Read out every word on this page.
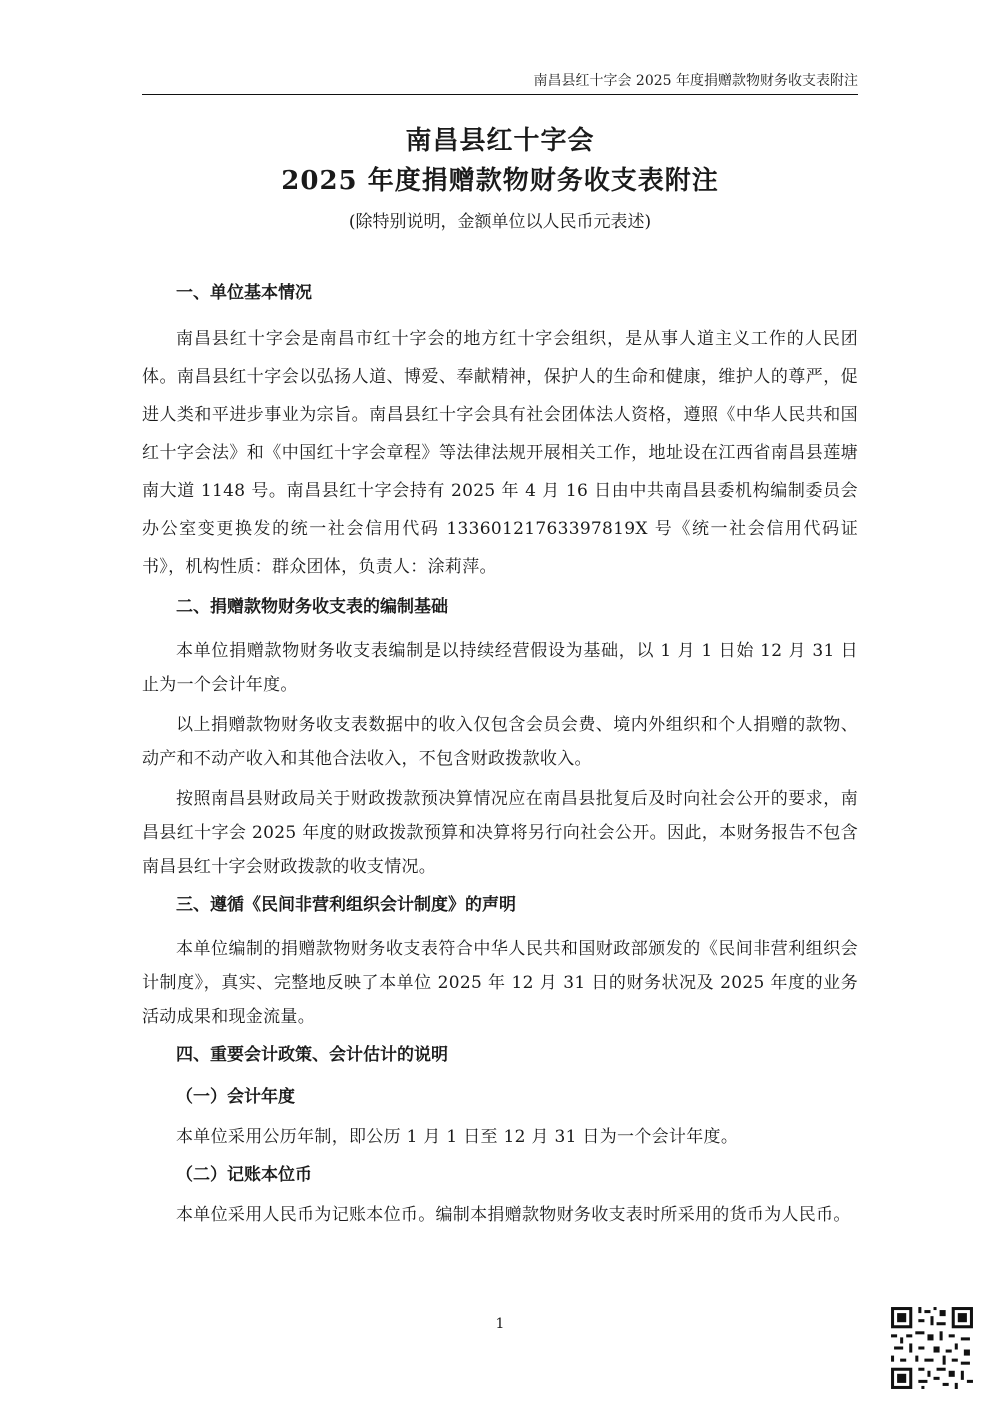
南昌县红十字会 2025 年度捐赠款物财务收支表附注
南昌县红十字会
2025 年度捐赠款物财务收支表附注
(除特别说明，金额单位以人民币元表述)
一、单位基本情况

南昌县红十字会是南昌市红十字会的地方红十字会组织，是从事人道主义工作的人民团体。南昌县红十字会以弘扬人道、博爱、奉献精神，保护人的生命和健康，维护人的尊严，促进人类和平进步事业为宗旨。南昌县红十字会具有社会团体法人资格，遵照《中华人民共和国红十字会法》和《中国红十字会章程》等法律法规开展相关工作，地址设在江西省南昌县莲塘南大道 1148 号。南昌县红十字会持有 2025 年 4 月 16 日由中共南昌县委机构编制委员会办公室变更换发的统一社会信用代码 13360121763397819X 号《统一社会信用代码证书》，机构性质：群众团体，负责人：涂莉萍。

二、捐赠款物财务收支表的编制基础

本单位捐赠款物财务收支表编制是以持续经营假设为基础，以 1 月 1 日始 12 月 31 日止为一个会计年度。

以上捐赠款物财务收支表数据中的收入仅包含会员会费、境内外组织和个人捐赠的款物、动产和不动产收入和其他合法收入，不包含财政拨款收入。

按照南昌县财政局关于财政拨款预决算情况应在南昌县批复后及时向社会公开的要求，南昌县红十字会 2025 年度的财政拨款预算和决算将另行向社会公开。因此，本财务报告不包含南昌县红十字会财政拨款的收支情况。

三、遵循《民间非营利组织会计制度》的声明

本单位编制的捐赠款物财务收支表符合中华人民共和国财政部颁发的《民间非营利组织会计制度》，真实、完整地反映了本单位 2025 年 12 月 31 日的财务状况及 2025 年度的业务活动成果和现金流量。

四、重要会计政策、会计估计的说明
（一）会计年度

本单位采用公历年制，即公历 1 月 1 日至 12 月 31 日为一个会计年度。

（二）记账本位币

本单位采用人民币为记账本位币。编制本捐赠款物财务收支表时所采用的货币为人民币。

1
